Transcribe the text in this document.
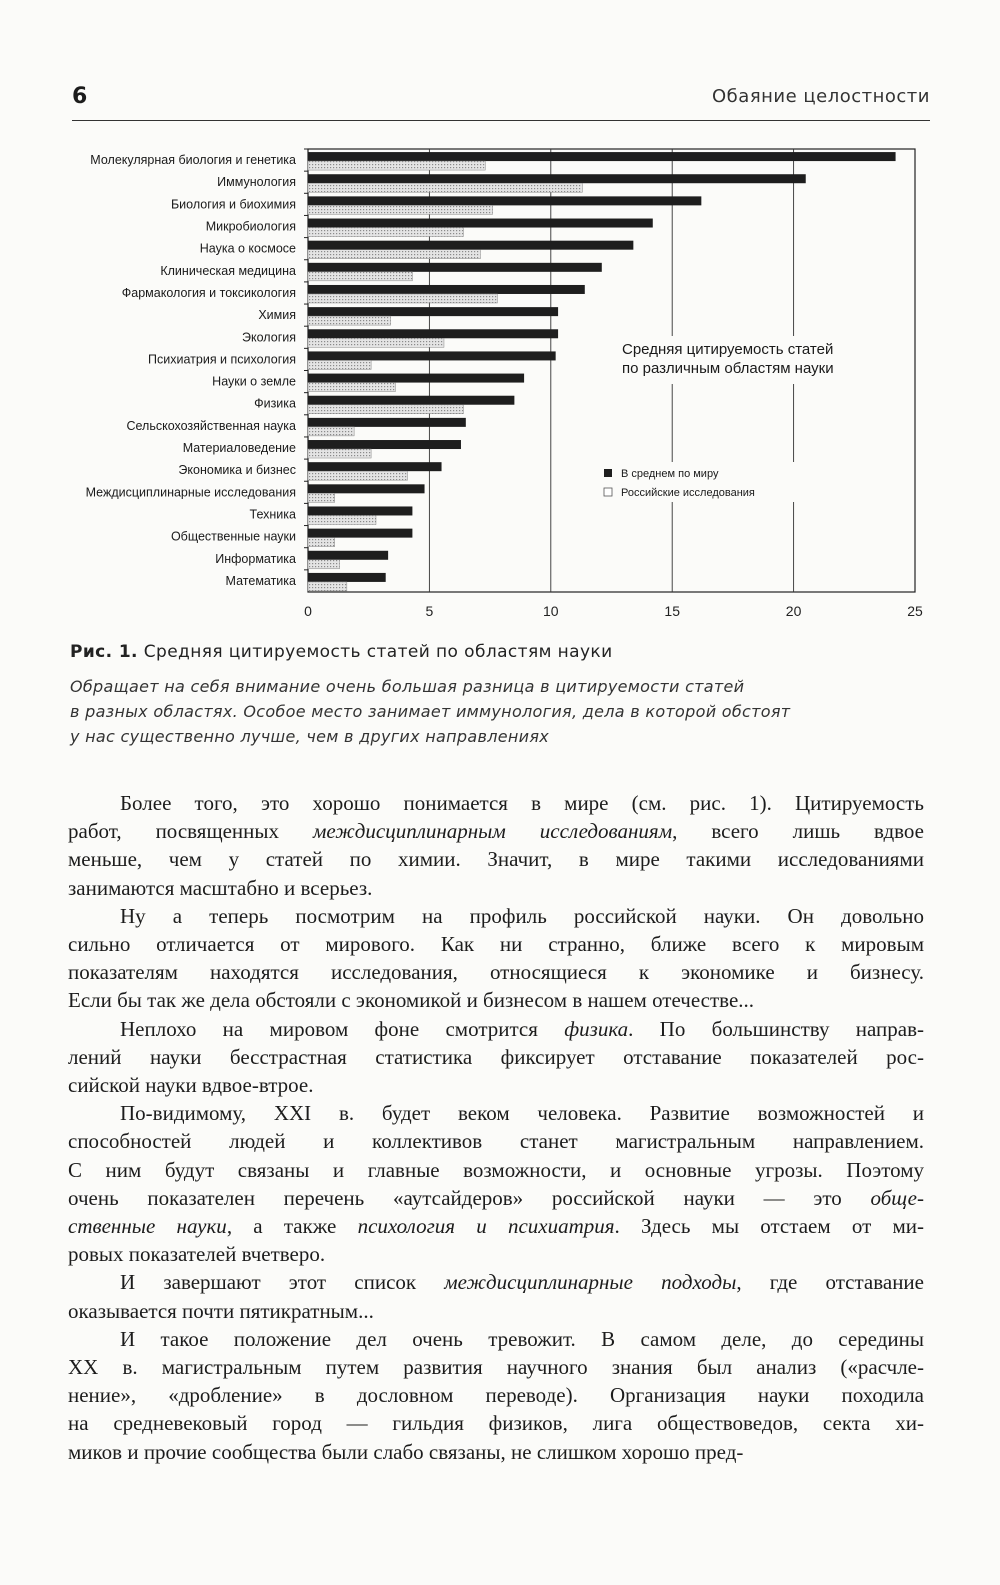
6	Обаяние целостности
0	5	10	15	20	25
Молекулярная биология и генетика
Иммунология
Биология и биохимия
Микробиология
Наука о космосе
Клиническая медицина
Фармакология и токсикология
Химия
Экология
Психиатрия и психология
Науки о земле
Физика
Сельскохозяйственная наука
Материаловедение
Экономика и бизнес
Междисциплинарные исследования
Техника
Общественные науки
Информатика
Математика
Средняя цитируемость статей
по различным областям науки
В среднем по миру
Российские исследования
Рис. 1. Средняя цитируемость статей по областям науки
Обращает на себя внимание очень большая разница в цитируемости статей
в разных областях. Особое место занимает иммунология, дела в которой обстоят
у нас существенно лучше, чем в других направлениях

Более того, это хорошо понимается в мире (см. рис. 1). Цитируемость
работ, посвященных междисциплинарным исследованиям, всего лишь вдвое
меньше, чем у статей по химии. Значит, в мире такими исследованиями
занимаются масштабно и всерьез.

Ну а теперь посмотрим на профиль российской науки. Он довольно
сильно отличается от мирового. Как ни странно, ближе всего к мировым
показателям находятся исследования, относящиеся к экономике и бизнесу.
Если бы так же дела обстояли с экономикой и бизнесом в нашем отечестве...

Неплохо на мировом фоне смотрится физика. По большинству направ-
лений науки бесстрастная статистика фиксирует отставание показателей рос-
сийской науки вдвое-втрое.

По-видимому, XXI в. будет веком человека. Развитие возможностей и
способностей людей и коллективов станет магистральным направлением.
С ним будут связаны и главные возможности, и основные угрозы. Поэтому
очень показателен перечень «аутсайдеров» российской науки — это обще-
ственные науки, а также психология и психиатрия. Здесь мы отстаем от ми-
ровых показателей вчетверо.

И завершают этот список междисциплинарные подходы, где отставание
оказывается почти пятикратным...

И такое положение дел очень тревожит. В самом деле, до середины
XX в. магистральным путем развития научного знания был анализ («расчле-
нение», «дробление» в дословном переводе). Организация науки походила
на средневековый город — гильдия физиков, лига обществоведов, секта хи-
миков и прочие сообщества были слабо связаны, не слишком хорошо пред-
